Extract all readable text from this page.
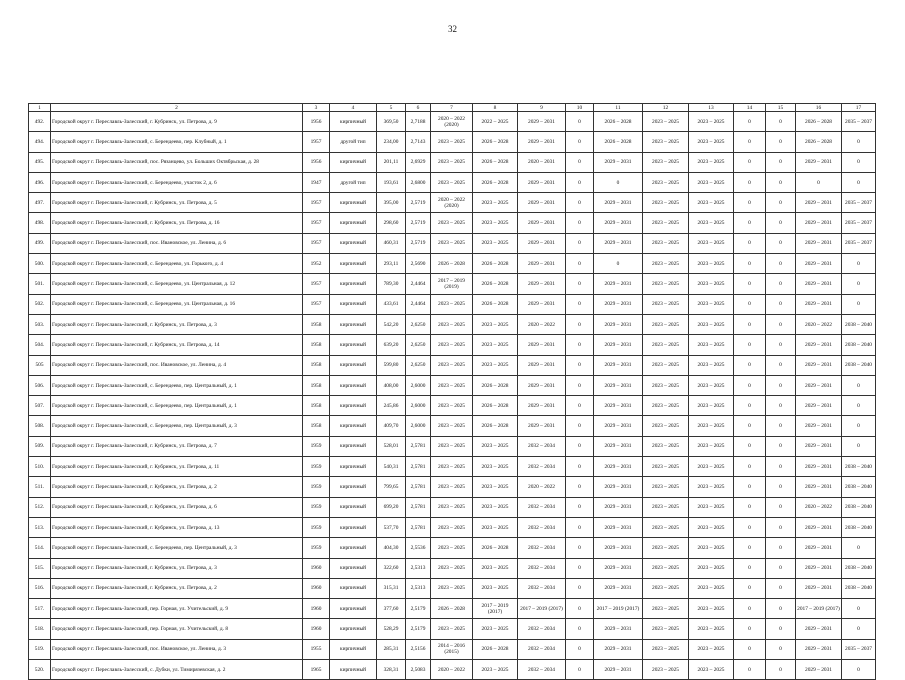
32
1	2	3	4	5	6	7	8	9	10	11	12	13	14	15	16	17
492.	Городской округ г. Переславль-Залесский, г. Кубринск, ул. Петрова, д. 9	1956	кирпичный	369,50	2,7188	2020 – 2022 (2020)	2022 – 2025	2029 – 2031	0	2026 – 2028	2023 – 2025	2023 – 2025	0	0	2026 – 2028	2035 – 2037
494.	Городской округ г. Переславль-Залесский, с. Берендеево, пер. Клубный, д. 1	1957	другой тип	234,00	2,7143	2023 – 2025	2026 – 2028	2029 – 2031	0	2026 – 2028	2023 – 2025	2023 – 2025	0	0	2026 – 2028	0
495.	Городской округ г. Переславль-Залесский, пос. Рязанцево, ул. Больших Октябрьская, д. 28	1956	кирпичный	201,11	2,6929	2023 – 2025	2026 – 2028	2020 – 2031	0	2029 – 2031	2023 – 2025	2023 – 2025	0	0	2029 – 2031	0
496.	Городской округ г. Переславль-Залесский, с. Берендеево, участок 2, д. 6	1947	другой тип	193,61	2,6800	2023 – 2025	2026 – 2028	2029 – 2031	0	0	2023 – 2025	2023 – 2025	0	0	0	0
497.	Городской округ г. Переславль-Залесский, г. Кубринск, ул. Петрова, д. 5	1957	кирпичный	395,00	2,5719	2020 – 2022 (2020)	2023 – 2025	2029 – 2031	0	2029 – 2031	2023 – 2025	2023 – 2025	0	0	2029 – 2031	2035 – 2037
498.	Городской округ г. Переславль-Залесский, г. Кубринск, ул. Петрова, д. 16	1957	кирпичный	298,60	2,5719	2023 – 2025	2023 – 2025	2029 – 2031	0	2029 – 2031	2023 – 2025	2023 – 2025	0	0	2029 – 2031	2035 – 2037
499.	Городской округ г. Переславль-Залесский, пос. Ивановское, ул. Ленина, д. 6	1957	кирпичный	460,31	2,5719	2023 – 2025	2023 – 2025	2029 – 2031	0	2029 – 2031	2023 – 2025	2023 – 2025	0	0	2029 – 2031	2035 – 2037
500.	Городской округ г. Переславль-Залесский, с. Берендеево, ул. Горького, д. 4	1952	кирпичный	293,11	2,5690	2026 – 2028	2026 – 2028	2029 – 2031	0	0	2023 – 2025	2023 – 2025	0	0	2029 – 2031	0
501.	Городской округ г. Переславль-Залесский, с. Берендеево, ул. Центральная, д. 12	1957	кирпичный	789,30	2,4464	2017 – 2019 (2019)	2026 – 2028	2029 – 2031	0	2029 – 2031	2023 – 2025	2023 – 2025	0	0	2029 – 2031	0
502.	Городской округ г. Переславль-Залесский, с. Берендеево, ул. Центральная, д. 16	1957	кирпичный	433,61	2,4464	2023 – 2025	2026 – 2028	2029 – 2031	0	2029 – 2031	2023 – 2025	2023 – 2025	0	0	2029 – 2031	0
503.	Городской округ г. Переславль-Залесский, г. Кубринск, ул. Петрова, д. 3	1958	кирпичный	542,20	2,6250	2023 – 2025	2023 – 2025	2020 – 2022	0	2029 – 2031	2023 – 2025	2023 – 2025	0	0	2020 – 2022	2038 – 2040
504.	Городской округ г. Переславль-Залесский, г. Кубринск, ул. Петрова, д. 14	1958	кирпичный	639,20	2,6250	2023 – 2025	2023 – 2025	2029 – 2031	0	2029 – 2031	2023 – 2025	2023 – 2025	0	0	2029 – 2031	2038 – 2040
505	Городской округ г. Переславль-Залесский, пос. Ивановское, ул. Ленина, д. 4	1958	кирпичный	599,80	2,6250	2023 – 2025	2023 – 2025	2029 – 2031	0	2029 – 2031	2023 – 2025	2023 – 2025	0	0	2029 – 2031	2038 – 2040
506.	Городской округ г. Переславль-Залесский, с. Берендеево, пер. Центральный, д. 1	1958	кирпичный	408,00	2,6000	2023 – 2025	2026 – 2028	2029 – 2031	0	2029 – 2031	2023 – 2025	2023 – 2025	0	0	2029 – 2031	0
507.	Городской округ г. Переславль-Залесский, с. Берендеево, пер. Центральный, д. 1	1958	кирпичный	245,86	2,6000	2023 – 2025	2026 – 2028	2029 – 2031	0	2029 – 2031	2023 – 2025	2023 – 2025	0	0	2029 – 2031	0
508.	Городской округ г. Переславль-Залесский, с. Берендеево, пер. Центральный, д. 3	1958	кирпичный	409,70	2,6000	2023 – 2025	2026 – 2028	2029 – 2031	0	2029 – 2031	2023 – 2025	2023 – 2025	0	0	2029 – 2031	0
509.	Городской округ г. Переславль-Залесский, г. Кубринск, ул. Петрова, д. 7	1959	кирпичный	528,01	2,5781	2023 – 2025	2023 – 2025	2032 – 2034	0	2029 – 2031	2023 – 2025	2023 – 2025	0	0	2029 – 2031	0
510.	Городской округ г. Переславль-Залесский, г. Кубринск, ул. Петрова, д. 11	1959	кирпичный	540,31	2,5781	2023 – 2025	2023 – 2025	2032 – 2034	0	2029 – 2031	2023 – 2025	2023 – 2025	0	0	2029 – 2031	2038 – 2040
511.	Городской округ г. Переславль-Залесский, г. Кубринск, ул. Петрова, д. 2	1959	кирпичный	799,65	2,5781	2023 – 2025	2023 – 2025	2020 – 2022	0	2029 – 2031	2023 – 2025	2023 – 2025	0	0	2029 – 2031	2038 – 2040
512.	Городской округ г. Переславль-Залесский, г. Кубринск, ул. Петрова, д. 6	1959	кирпичный	699,20	2,5781	2023 – 2025	2023 – 2025	2032 – 2034	0	2029 – 2031	2023 – 2025	2023 – 2025	0	0	2020 – 2022	2038 – 2040
513.	Городской округ г. Переславль-Залесский, г. Кубринск, ул. Петрова, д. 13	1959	кирпичный	537,70	2,5781	2023 – 2025	2023 – 2025	2032 – 2034	0	2029 – 2031	2023 – 2025	2023 – 2025	0	0	2029 – 2031	2038 – 2040
514.	Городской округ г. Переславль-Залесский, с. Берендеево, пер. Центральный, д. 3	1959	кирпичный	404,30	2,5536	2023 – 2025	2026 – 2028	2032 – 2034	0	2029 – 2031	2023 – 2025	2023 – 2025	0	0	2029 – 2031	0
515.	Городской округ г. Переславль-Залесский, г. Кубринск, ул. Петрова, д. 3	1960	кирпичный	322,60	2,5313	2023 – 2025	2023 – 2025	2032 – 2034	0	2029 – 2031	2023 – 2025	2023 – 2025	0	0	2029 – 2031	2038 – 2040
516.	Городской округ г. Переславль-Залесский, г. Кубринск, ул. Петрова, д. 2	1960	кирпичный	315,31	2,5313	2023 – 2025	2023 – 2025	2032 – 2034	0	2029 – 2031	2023 – 2025	2023 – 2025	0	0	2029 – 2031	2038 – 2040
517.	Городской округ г. Переславль-Залесский, пер. Горная, ул. Учительский, д. 9	1960	кирпичный	377,60	2,5179	2026 – 2028	2017 – 2019 (2017)	2017 – 2019 (2017)	0	2017 – 2019 (2017)	2023 – 2025	2023 – 2025	0	0	2017 – 2019 (2017)	0
518.	Городской округ г. Переславль-Залесский, пер. Горная, ул. Учительский, д. 8	1960	кирпичный	528,29	2,5179	2023 – 2025	2023 – 2025	2032 – 2034	0	2029 – 2031	2023 – 2025	2023 – 2025	0	0	2029 – 2031	0
519.	Городской округ г. Переславль-Залесский, пос. Ивановское, ул. Ленина, д. 3	1955	кирпичный	285,31	2,5156	2014 – 2016 (2015)	2026 – 2028	2032 – 2034	0	2029 – 2031	2023 – 2025	2023 – 2025	0	0	2029 – 2031	2035 – 2037
520.	Городской округ г. Переславль-Залесский, с. Дубки, ул. Тимирязевская, д. 2	1965	кирпичный	328,31	2,5083	2020 – 2022	2023 – 2025	2032 – 2034	0	2029 – 2031	2023 – 2025	2023 – 2025	0	0	2029 – 2031	0
